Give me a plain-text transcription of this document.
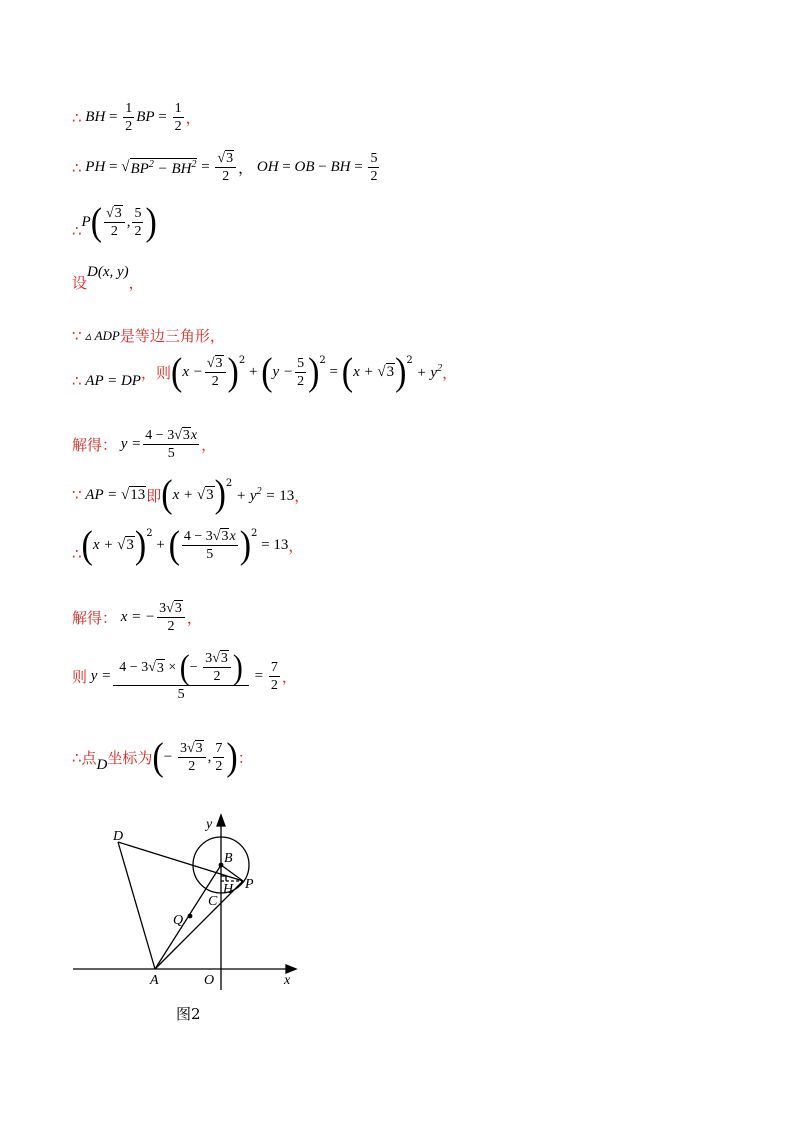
∴ BH = $\frac{1}{2}$ BP = $\frac{1}{2}$ ，
∴ PH = √ $BP^2 - BH^2 = \frac{√3}{2}$ ， OH = OB − BH = $\frac{5}{2}$
∴ P ( $\frac{√3}{2}$ , $\frac{5}{2}$ )
设
D(x, y)
，
∵ ▵ ADP 是等边三角形，
∴ AP = DP ，则 ( $x - \frac{√3}{2} )^2$
+ ( $y - \frac{5}{2} )^2$
= ( x + √3 )$^2$
+ $y^2$ ，
解得： $y = \frac{4 - 3√3x}{5}$ ，
∵ AP = √13 即 ( x + √3 )$^2$
+ $y^2 = 13$ ，
∴ ( x + √3 )$^2$
+ ( $\frac{4 - 3√3x}{5} )^2$
= 13 ，
解得： x = − $\frac{3√3}{2}$ ，
则 $y = \frac{4 - 3√ 3 \times ( - \frac{3√3}{2} )}{5} = \frac{7}{2}$ ，
∴点 D 坐标为 ( − $\frac{3√3}{2}$ , $\frac{7}{2}$ ) ：
D
B
H P
C
Q
A	O	x
y
图2
